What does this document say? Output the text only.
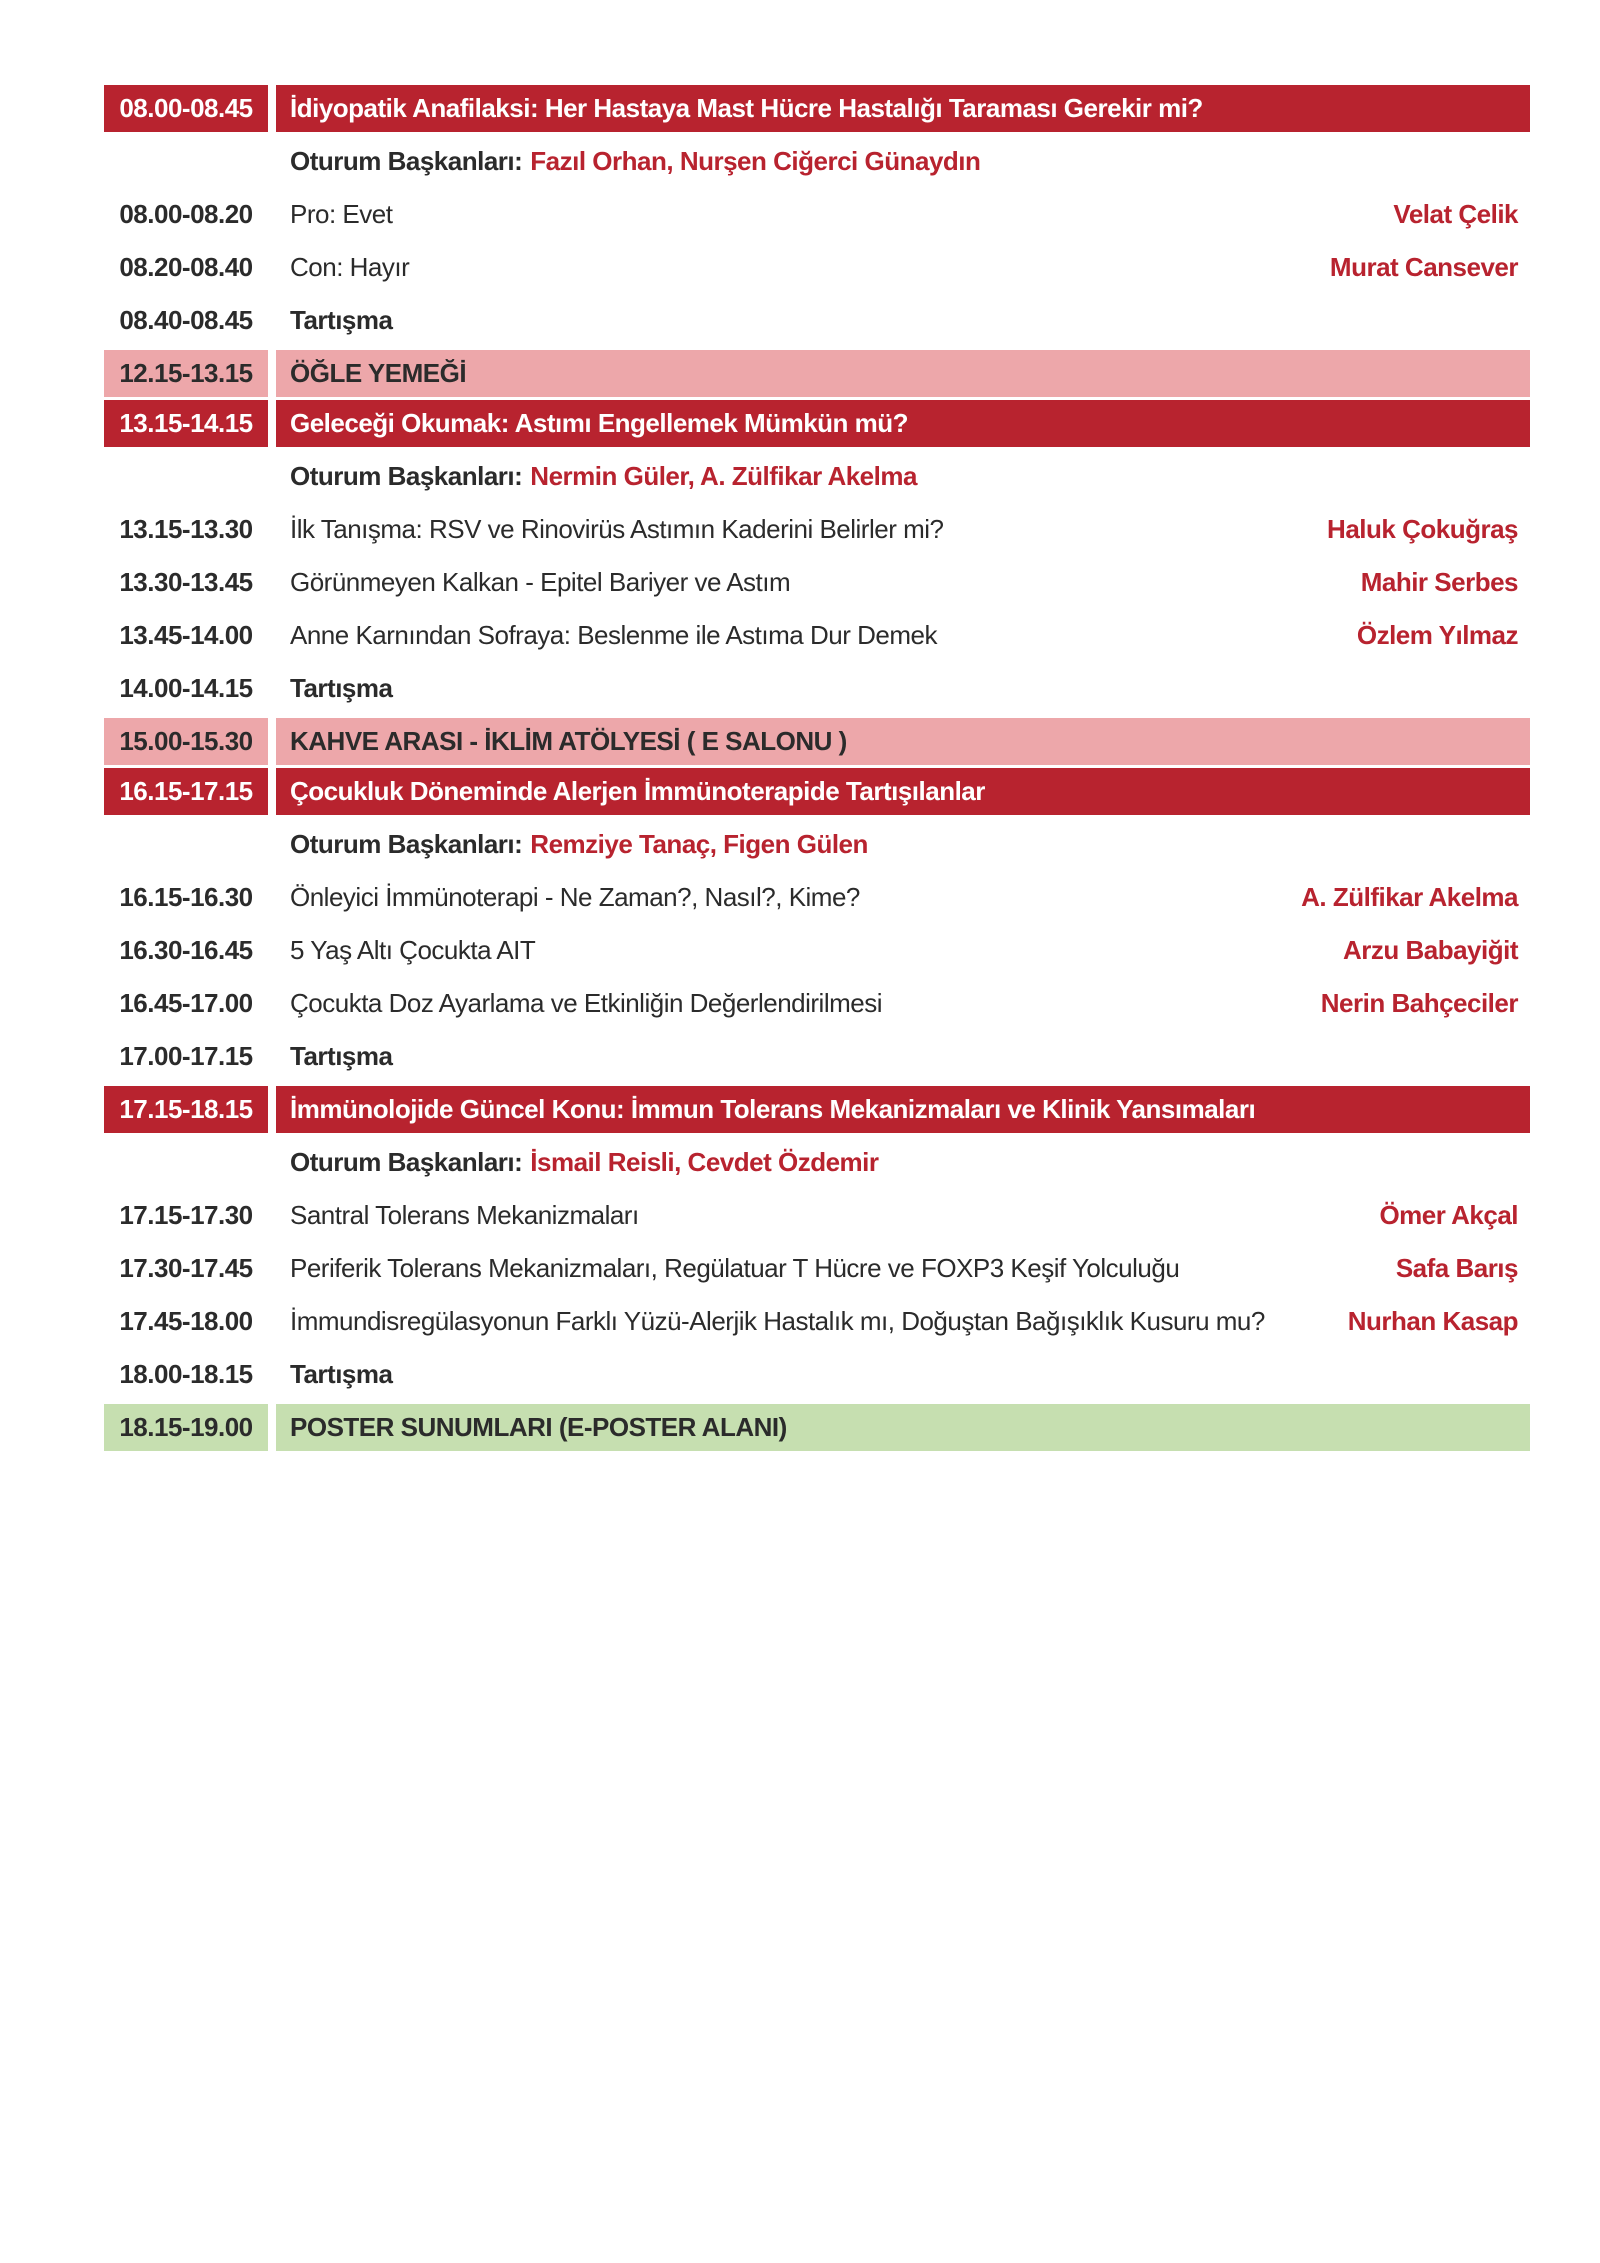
08.00-08.45	İdiyopatik Anafilaksi: Her Hastaya Mast Hücre Hastalığı Taraması Gerekir mi?
Oturum Başkanları: Fazıl Orhan, Nurşen Ciğerci Günaydın
08.00-08.20	Pro: Evet	Velat Çelik
08.20-08.40	Con: Hayır	Murat Cansever
08.40-08.45	Tartışma
12.15-13.15	ÖĞLE YEMEĞİ
13.15-14.15	Geleceği Okumak: Astımı Engellemek Mümkün mü?
Oturum Başkanları: Nermin Güler, A. Zülfikar Akelma
13.15-13.30	İlk Tanışma: RSV ve Rinovirüs Astımın Kaderini Belirler mi?	Haluk Çokuğraş
13.30-13.45	Görünmeyen Kalkan - Epitel Bariyer ve Astım	Mahir Serbes
13.45-14.00	Anne Karnından Sofraya: Beslenme ile Astıma Dur Demek	Özlem Yılmaz
14.00-14.15	Tartışma
15.00-15.30	KAHVE ARASI - İKLİM ATÖLYESİ ( E SALONU )
16.15-17.15	Çocukluk Döneminde Alerjen İmmünoterapide Tartışılanlar
Oturum Başkanları: Remziye Tanaç, Figen Gülen
16.15-16.30	Önleyici İmmünoterapi - Ne Zaman?, Nasıl?, Kime?	A. Zülfikar Akelma
16.30-16.45	5 Yaş Altı Çocukta AIT	Arzu Babayiğit
16.45-17.00	Çocukta Doz Ayarlama ve Etkinliğin Değerlendirilmesi	Nerin Bahçeciler
17.00-17.15	Tartışma
17.15-18.15	İmmünolojide Güncel Konu: İmmun Tolerans Mekanizmaları ve Klinik Yansımaları
Oturum Başkanları: İsmail Reisli, Cevdet Özdemir
17.15-17.30	Santral Tolerans Mekanizmaları	Ömer Akçal
17.30-17.45	Periferik Tolerans Mekanizmaları, Regülatuar T Hücre ve FOXP3 Keşif Yolculuğu	Safa Barış
17.45-18.00	İmmundisregülasyonun Farklı Yüzü-Alerjik Hastalık mı, Doğuştan Bağışıklık Kusuru mu?	Nurhan Kasap
18.00-18.15	Tartışma
18.15-19.00	POSTER SUNUMLARI (E-POSTER ALANI)
